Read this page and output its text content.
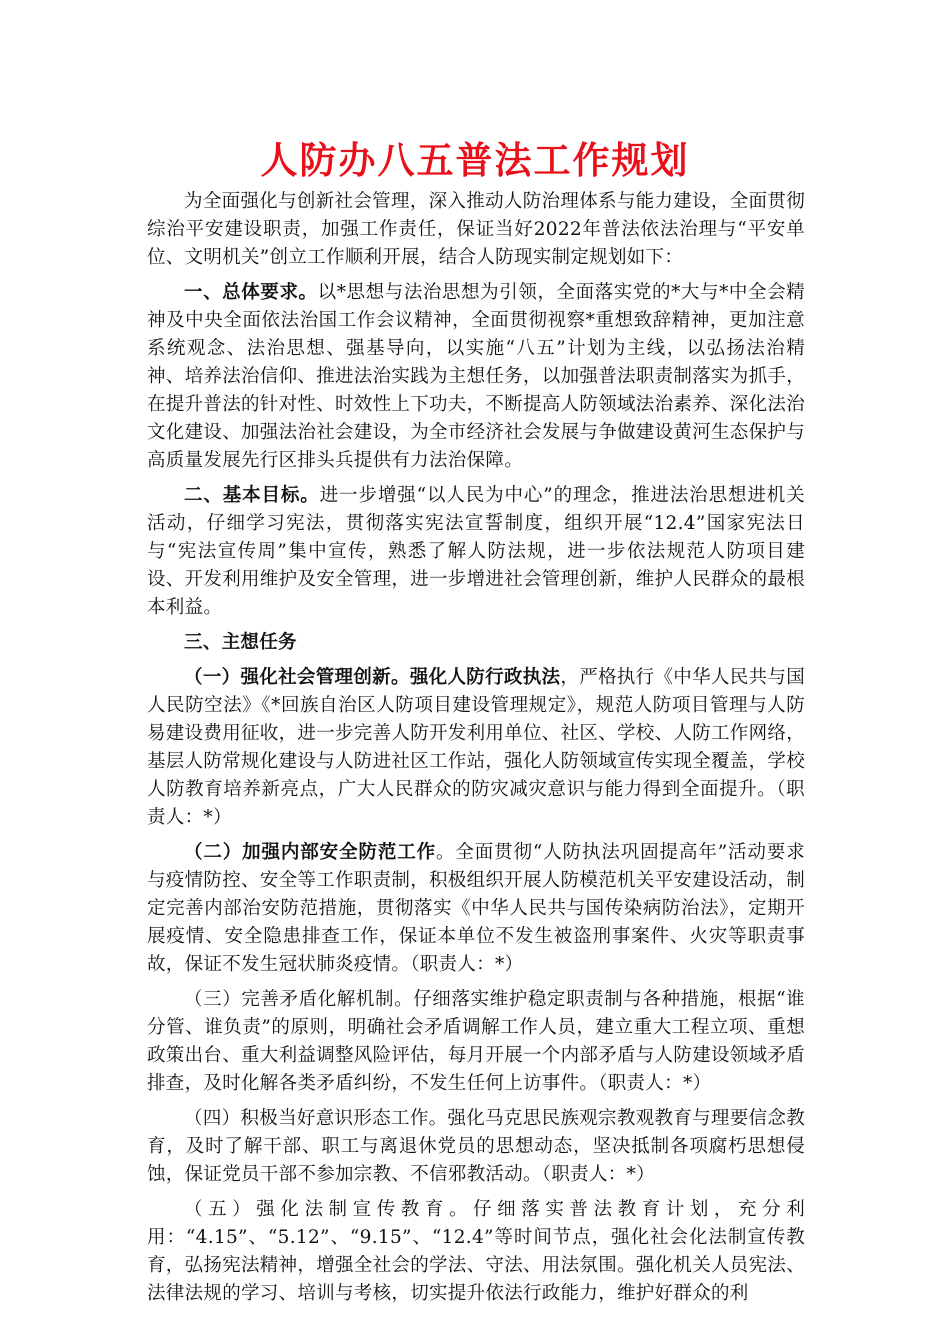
人防办八五普法工作规划

为全面强化与创新社会管理，深入推动人防治理体系与能力建设，全面贯彻综治平安建设职责，加强工作责任，保证当好2022年普法依法治理与“平安单位、文明机关”创立工作顺利开展，结合人防现实制定规划如下：

一、总体要求。以*思想与法治思想为引领，全面落实党的*大与*中全会精神及中央全面依法治国工作会议精神，全面贯彻视察*重想致辞精神，更加注意系统观念、法治思想、强基导向，以实施“八五”计划为主线，以弘扬法治精神、培养法治信仰、推进法治实践为主想任务，以加强普法职责制落实为抓手，在提升普法的针对性、时效性上下功夫，不断提高人防领域法治素养、深化法治文化建设、加强法治社会建设，为全市经济社会发展与争做建设黄河生态保护与高质量发展先行区排头兵提供有力法治保障。

二、基本目标。进一步增强“以人民为中心”的理念，推进法治思想进机关活动，仔细学习宪法，贯彻落实宪法宣誓制度，组织开展“12.4”国家宪法日与“宪法宣传周”集中宣传，熟悉了解人防法规，进一步依法规范人防项目建设、开发利用维护及安全管理，进一步增进社会管理创新，维护人民群众的最根本利益。

三、主想任务

（一）强化社会管理创新。强化人防行政执法，严格执行《中华人民共与国人民防空法》《*回族自治区人防项目建设管理规定》，规范人防项目管理与人防易建设费用征收，进一步完善人防开发利用单位、社区、学校、人防工作网络，基层人防常规化建设与人防进社区工作站，强化人防领域宣传实现全覆盖，学校人防教育培养新亮点，广大人民群众的防灾减灾意识与能力得到全面提升。（职责人：*）

（二）加强内部安全防范工作。全面贯彻“人防执法巩固提高年”活动要求与疫情防控、安全等工作职责制，积极组织开展人防模范机关平安建设活动，制定完善内部治安防范措施，贯彻落实《中华人民共与国传染病防治法》，定期开展疫情、安全隐患排查工作，保证本单位不发生被盗刑事案件、火灾等职责事故，保证不发生冠状肺炎疫情。（职责人：*）

（三）完善矛盾化解机制。仔细落实维护稳定职责制与各种措施，根据“谁分管、谁负责”的原则，明确社会矛盾调解工作人员，建立重大工程立项、重想政策出台、重大利益调整风险评估，每月开展一个内部矛盾与人防建设领域矛盾排查，及时化解各类矛盾纠纷，不发生任何上访事件。（职责人：*）

（四）积极当好意识形态工作。强化马克思民族观宗教观教育与理要信念教育，及时了解干部、职工与离退休党员的思想动态，坚决抵制各项腐朽思想侵蚀，保证党员干部不参加宗教、不信邪教活动。（职责人：*）

（五）强化法制宣传教育。仔细落实普法教育计划，充分利用：“4.15”、“5.12”、“9.15”、“12.4”等时间节点，强化社会化法制宣传教育，弘扬宪法精神，增强全社会的学法、守法、用法氛围。强化机关人员宪法、法律法规的学习、培训与考核，切实提升依法行政能力，维护好群众的利
